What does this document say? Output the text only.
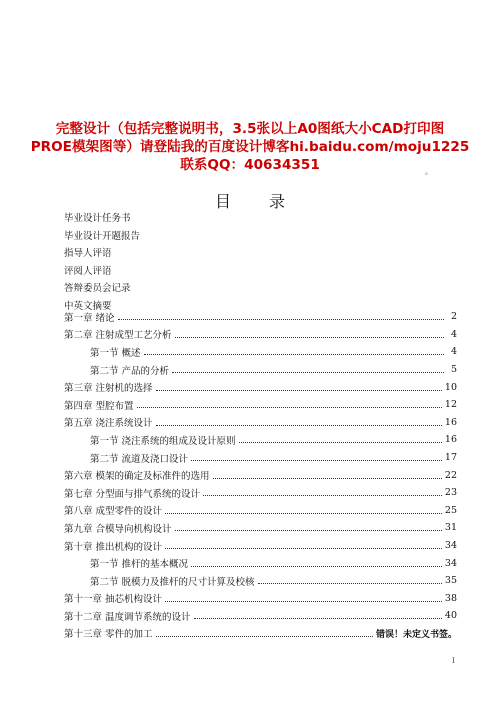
完整设计（包括完整说明书，3.5张以上A0图纸大小CAD打印图
PROE模架图等）请登陆我的百度设计博客hi.baidu.com/moju1225
联系QQ：40634351	。
目录
毕业设计任务书
毕业设计开题报告
指导人评语
评阅人评语
答辩委员会记录
中英文摘要
第一章 绪论	2
第二章 注射成型工艺分析	4
第一节 概述	4
第二节 产品的分析	5
第三章 注射机的选择	10
第四章 型腔布置	12
第五章 浇注系统设计	16
第一节 浇注系统的组成及设计原则	16
第二节 流道及浇口设计	17
第六章 模架的确定及标准件的选用	22
第七章 分型面与排气系统的设计	23
第八章 成型零件的设计	25
第九章 合模导向机构设计	31
第十章 推出机构的设计	34
第一节 推杆的基本概况	34
第二节 脱模力及推杆的尺寸计算及校核	35
第十一章 抽芯机构设计	38
第十二章 温度调节系统的设计	40
第十三章 零件的加工	错误！未定义书签。
I
